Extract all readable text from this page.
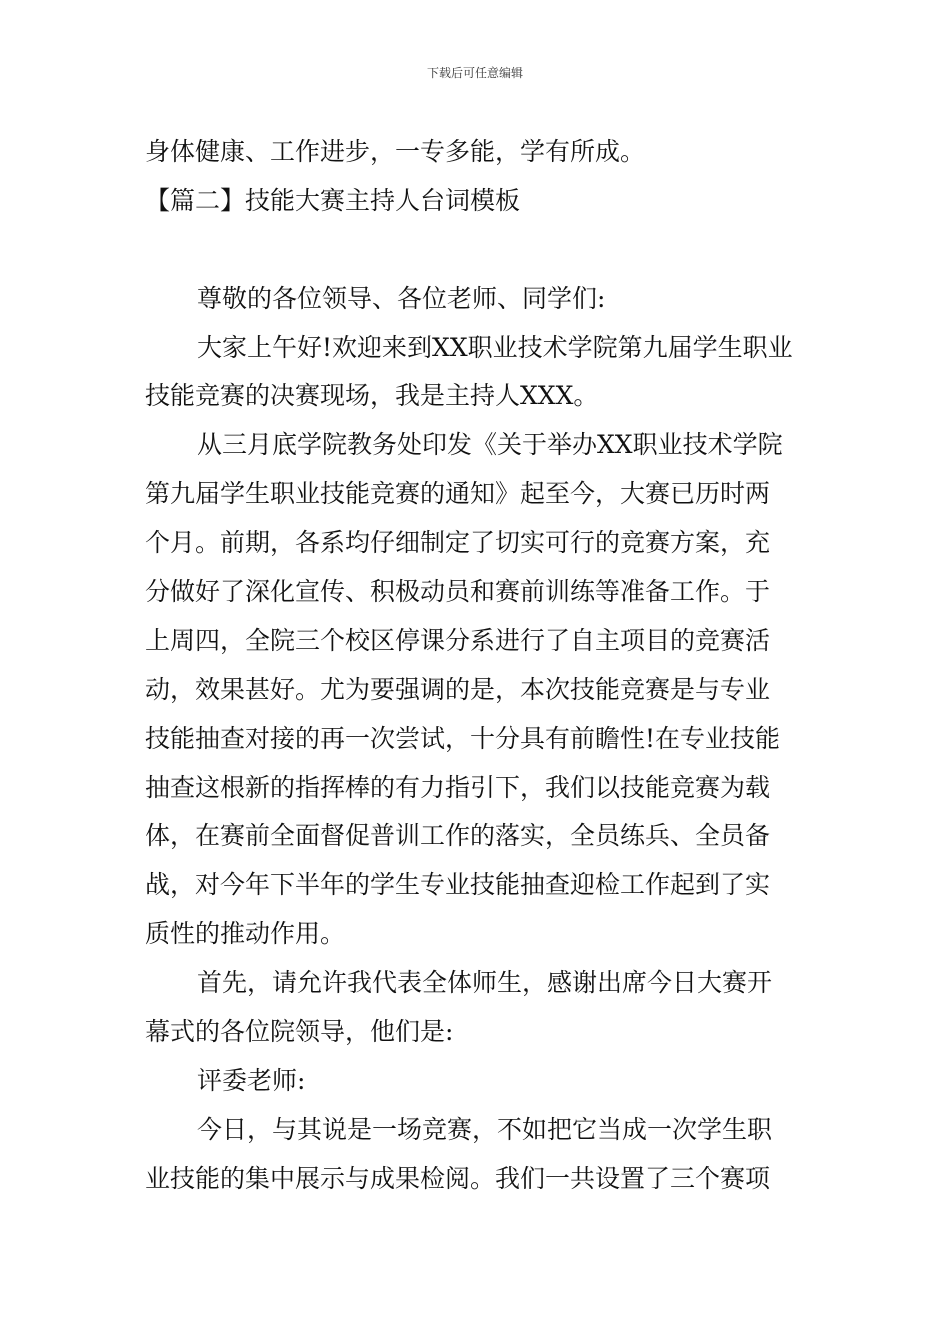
下载后可任意编辑
身体健康、工作进步，一专多能，学有所成。
【篇二】技能大赛主持人台词模板
尊敬的各位领导、各位老师、同学们:
大家上午好!欢迎来到XX职业技术学院第九届学生职业
技能竞赛的决赛现场，我是主持人XXX。
从三月底学院教务处印发《关于举办XX职业技术学院
第九届学生职业技能竞赛的通知》起至今，大赛已历时两
个月。前期，各系均仔细制定了切实可行的竞赛方案，充
分做好了深化宣传、积极动员和赛前训练等准备工作。于
上周四，全院三个校区停课分系进行了自主项目的竞赛活
动，效果甚好。尤为要强调的是，本次技能竞赛是与专业
技能抽查对接的再一次尝试，十分具有前瞻性!在专业技能
抽查这根新的指挥棒的有力指引下，我们以技能竞赛为载
体，在赛前全面督促普训工作的落实，全员练兵、全员备
战，对今年下半年的学生专业技能抽查迎检工作起到了实
质性的推动作用。
首先，请允许我代表全体师生，感谢出席今日大赛开
幕式的各位院领导，他们是:
评委老师:
今日，与其说是一场竞赛，不如把它当成一次学生职
业技能的集中展示与成果检阅。我们一共设置了三个赛项
